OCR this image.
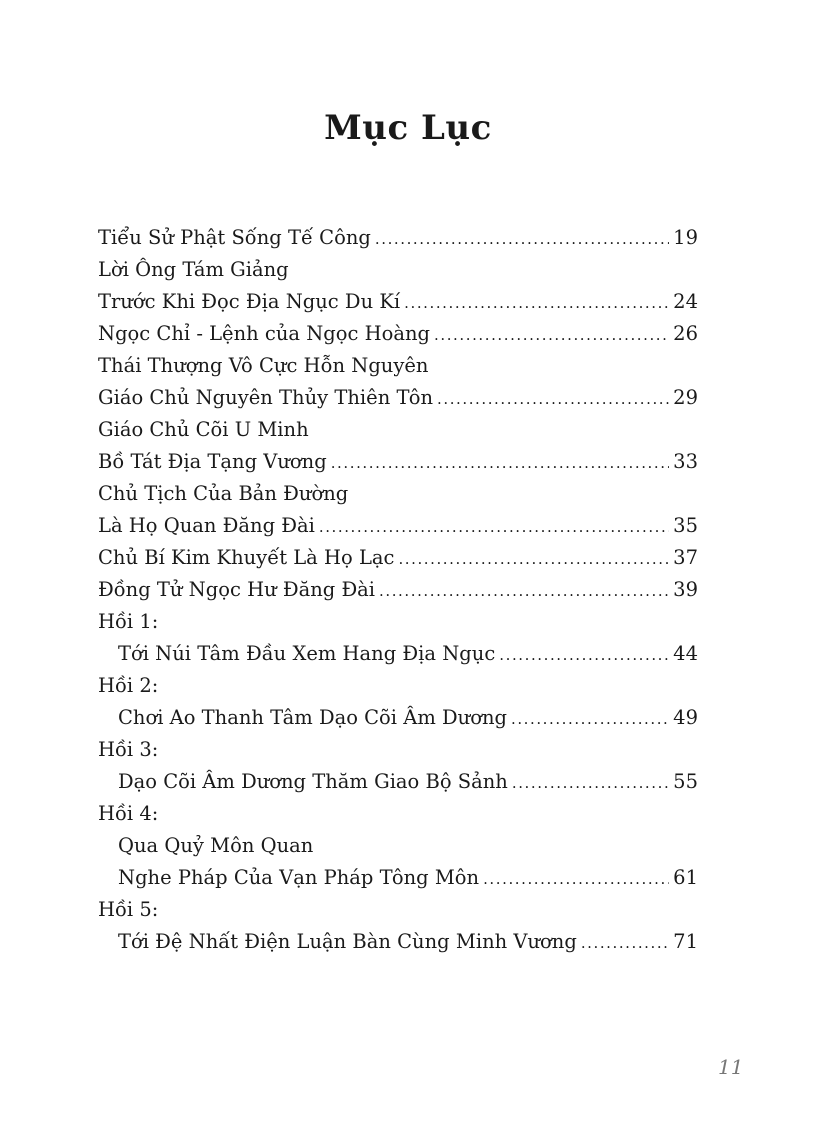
Mục Lục
Tiểu Sử Phật Sống Tế Công . . .	19
Lời Ông Tám Giảng
Trước Khi Đọc Địa Ngục Du Kí . . .	24
Ngọc Chỉ - Lệnh của Ngọc Hoàng . . .	26
Thái Thượng Vô Cực Hỗn Nguyên
Giáo Chủ Nguyên Thủy Thiên Tôn . . .	29
Giáo Chủ Cõi U Minh
Bồ Tát Địa Tạng Vương . . .	33
Chủ Tịch Của Bản Đường
Là Họ Quan Đăng Đài . . .	35
Chủ Bí Kim Khuyết Là Họ Lạc . . .	37
Đồng Tử Ngọc Hư Đăng Đài . . .	39
Hồi 1:
Tới Núi Tâm Đầu Xem Hang Địa Ngục . . .	44
Hồi 2:
Chơi Ao Thanh Tâm Dạo Cõi Âm Dương . . .	49
Hồi 3:
Dạo Cõi Âm Dương Thăm Giao Bộ Sảnh . . .	55
Hồi 4:
Qua Quỷ Môn Quan
Nghe Pháp Của Vạn Pháp Tông Môn . . .	61
Hồi 5:
Tới Đệ Nhất Điện Luận Bàn Cùng Minh Vương . . .	71
11
